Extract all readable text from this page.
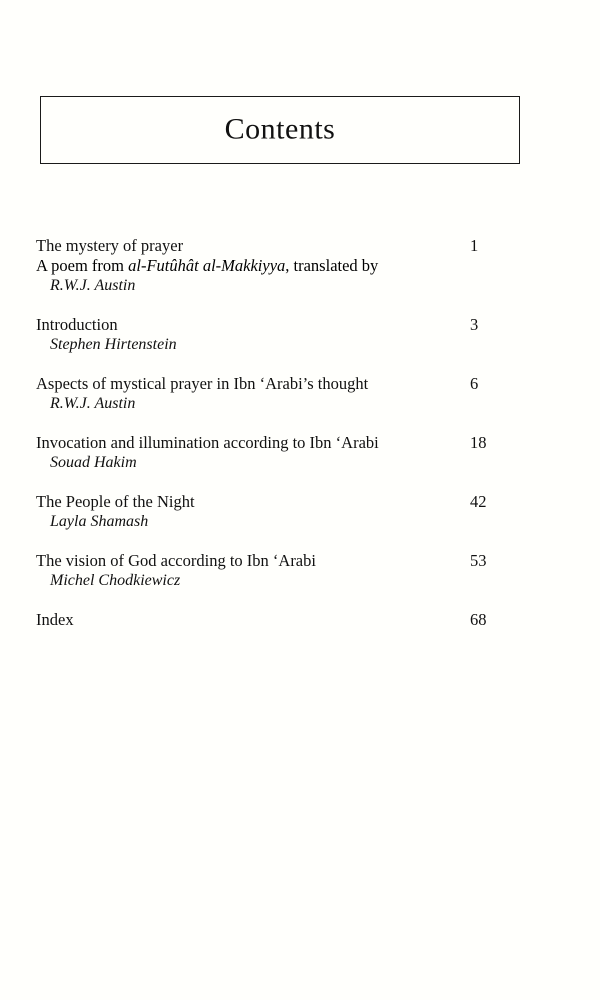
Contents
The mystery of prayer	1
A poem from al-Futûhât al-Makkiyya, translated by
R.W.J. Austin
Introduction	3
Stephen Hirtenstein
Aspects of mystical prayer in Ibn ‘Arabi’s thought	6
R.W.J. Austin
Invocation and illumination according to Ibn ‘Arabi	18
Souad Hakim
The People of the Night	42
Layla Shamash
The vision of God according to Ibn ‘Arabi	53
Michel Chodkiewicz
Index	68
